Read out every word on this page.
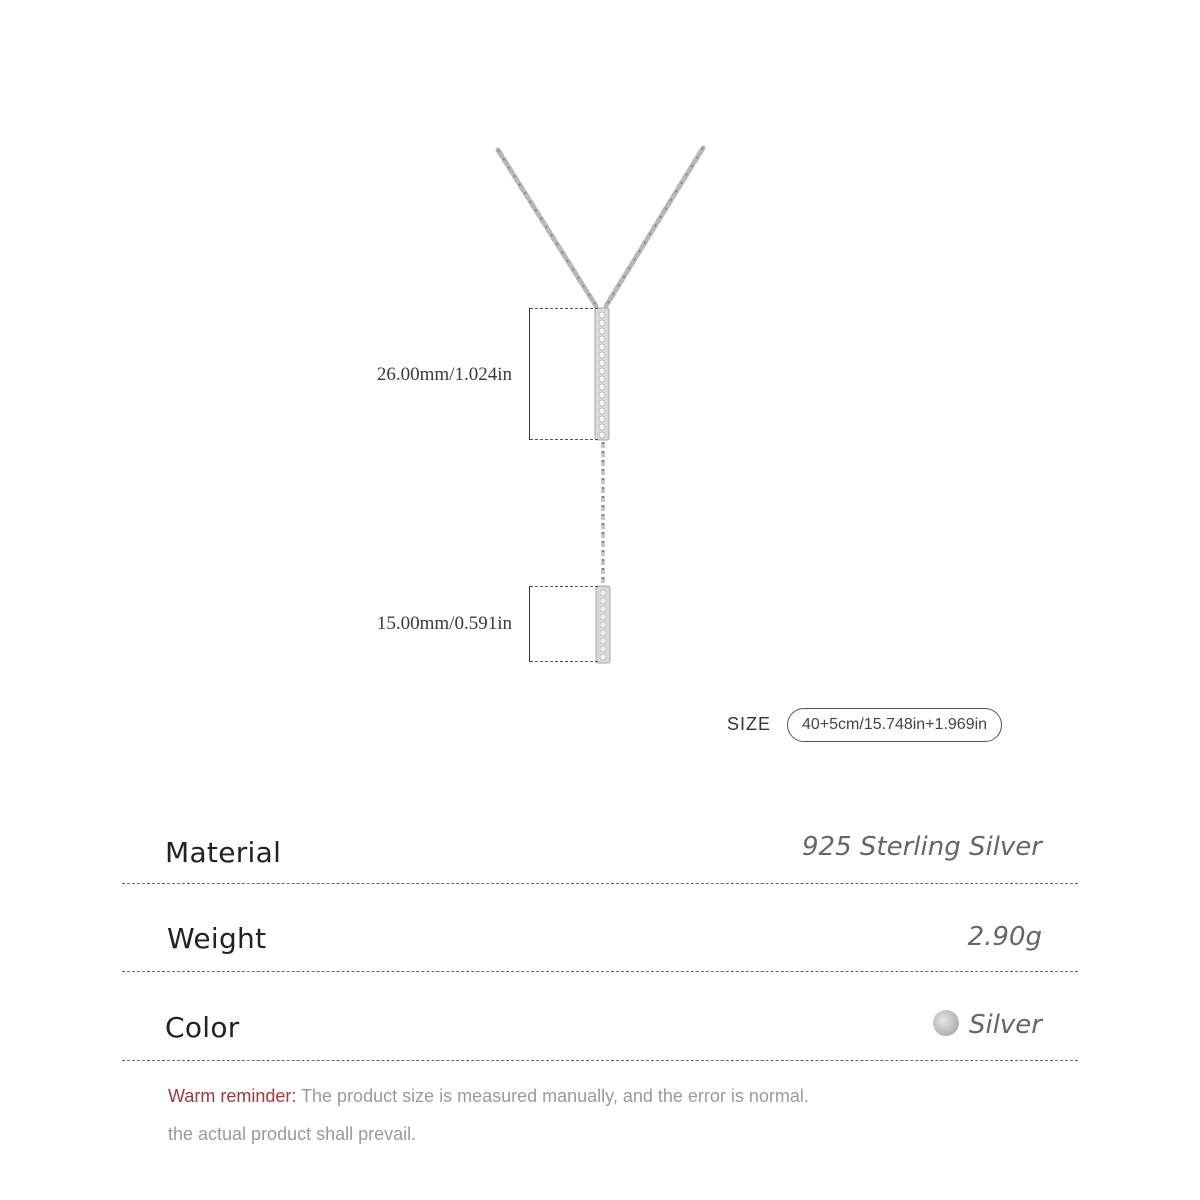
26.00mm/1.024in
15.00mm/0.591in
SIZE	40+5cm/15.748in+1.969in
Material	925 Sterling Silver
Weight	2.90g
Color	Silver
Warm reminder: The product size is measured manually, and the error is normal.
the actual product shall prevail.
